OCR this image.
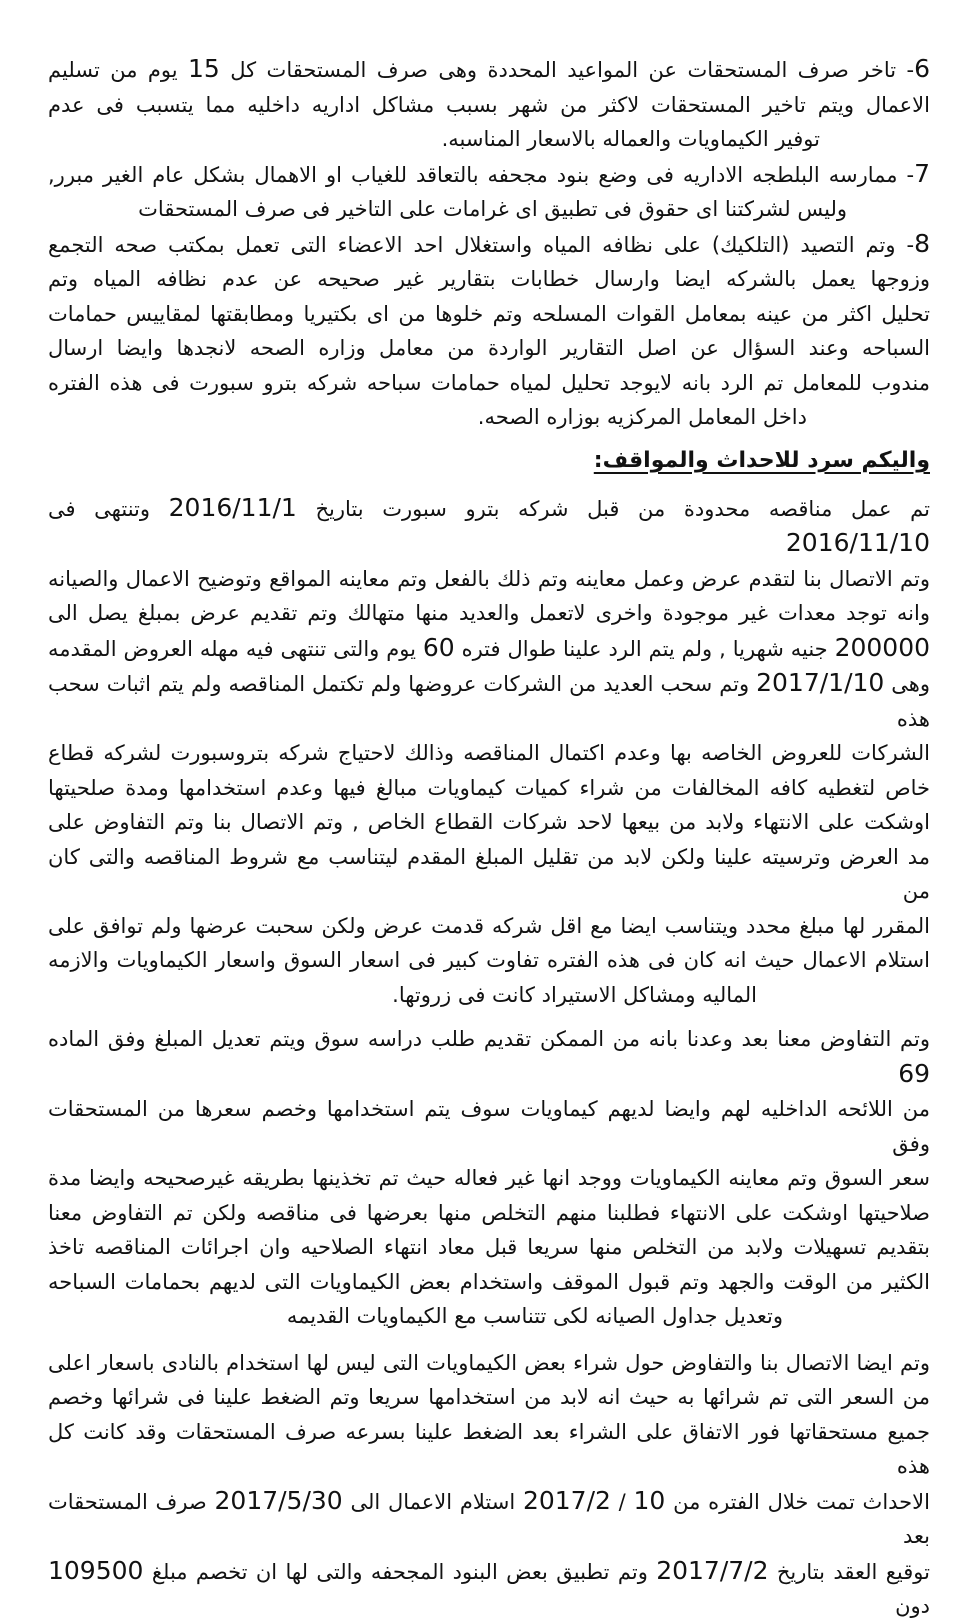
6- تاخر صرف المستحقات عن المواعيد المحددة وهى صرف المستحقات كل 15 يوم من تسليم
الاعمال ويتم تاخير المستحقات لاكثر من شهر بسبب مشاكل اداريه داخليه مما يتسبب فى عدم
توفير الكيماويات والعماله بالاسعار المناسبه.
7- ممارسه البلطجه الاداريه فى وضع بنود مجحفه بالتعاقد للغياب او الاهمال بشكل عام الغير مبرر,
وليس لشركتنا اى حقوق فى تطبيق اى غرامات على التاخير فى صرف المستحقات
8- وتم التصيد (التلكيك) على نظافه المياه واستغلال احد الاعضاء التى تعمل بمكتب صحه التجمع
وزوجها يعمل بالشركه ايضا وارسال خطابات بتقارير غير صحيحه عن عدم نظافه المياه وتم
تحليل اكثر من عينه بمعامل القوات المسلحه وتم خلوها من اى بكتيريا ومطابقتها لمقاييس حمامات
السباحه وعند السؤال عن اصل التقارير الواردة من معامل وزاره الصحه لانجدها وايضا ارسال
مندوب للمعامل تم الرد بانه لايوجد تحليل لمياه حمامات سباحه شركه بترو سبورت فى هذه الفتره
داخل المعامل المركزيه بوزاره الصحه.
واليكم سرد للاحداث والمواقف:
تم عمل مناقصه محدودة من قبل شركه بترو سبورت بتاريخ 2016/11/1 وتنتهى فى 2016/11/10
وتم الاتصال بنا لتقدم عرض وعمل معاينه وتم ذلك بالفعل وتم معاينه المواقع وتوضيح الاعمال والصيانه
وانه توجد معدات غير موجودة واخرى لاتعمل والعديد منها متهالك وتم تقديم عرض بمبلغ يصل الى
200000 جنيه شهريا , ولم يتم الرد علينا طوال فتره 60 يوم والتى تنتهى فيه مهله العروض المقدمه
وهى 2017/1/10 وتم سحب العديد من الشركات عروضها ولم تكتمل المناقصه ولم يتم اثبات سحب هذه
الشركات للعروض الخاصه بها وعدم اكتمال المناقصه وذالك لاحتياج شركه بتروسبورت لشركه قطاع
خاص لتغطيه كافه المخالفات من شراء كميات كيماويات مبالغ فيها وعدم استخدامها ومدة صلحيتها
اوشكت على الانتهاء ولابد من بيعها لاحد شركات القطاع الخاص , وتم الاتصال بنا وتم التفاوض على
مد العرض وترسيته علينا ولكن لابد من تقليل المبلغ المقدم ليتناسب مع شروط المناقصه والتى كان من
المقرر لها مبلغ محدد ويتناسب ايضا مع اقل شركه قدمت عرض ولكن سحبت عرضها ولم توافق على
استلام الاعمال حيث انه كان فى هذه الفتره تفاوت كبير فى اسعار السوق واسعار الكيماويات والازمه
الماليه ومشاكل الاستيراد كانت فى زروتها.
وتم التفاوض معنا بعد وعدنا بانه من الممكن تقديم طلب دراسه سوق ويتم تعديل المبلغ وفق الماده 69
من اللائحه الداخليه لهم وايضا لديهم كيماويات سوف يتم استخدامها وخصم سعرها من المستحقات وفق
سعر السوق وتم معاينه الكيماويات ووجد انها غير فعاله حيث تم تخذينها بطريقه غيرصحيحه وايضا مدة
صلاحيتها اوشكت على الانتهاء فطلبنا منهم التخلص منها بعرضها فى مناقصه ولكن تم التفاوض معنا
بتقديم تسهيلات ولابد من التخلص منها سريعا قبل معاد انتهاء الصلاحيه وان اجرائات المناقصه تاخذ
الكثير من الوقت والجهد وتم قبول الموقف واستخدام بعض الكيماويات التى لديهم بحمامات السباحه
وتعديل جداول الصيانه لكى تتناسب مع الكيماويات القديمه
وتم ايضا الاتصال بنا والتفاوض حول شراء بعض الكيماويات التى ليس لها استخدام بالنادى باسعار اعلى
من السعر التى تم شرائها به حيث انه لابد من استخدامها سريعا وتم الضغط علينا فى شرائها وخصم
جميع مستحقاتها فور الاتفاق على الشراء بعد الضغط علينا بسرعه صرف المستحقات وقد كانت كل هذه
الاحداث تمت خلال الفتره من 10 / 2017/2 استلام الاعمال الى 2017/5/30 صرف المستحقات بعد
توقيع العقد بتاريخ 2017/7/2 وتم تطبيق بعض البنود المجحفه والتى لها ان تخصم مبلغ 109500 دون
